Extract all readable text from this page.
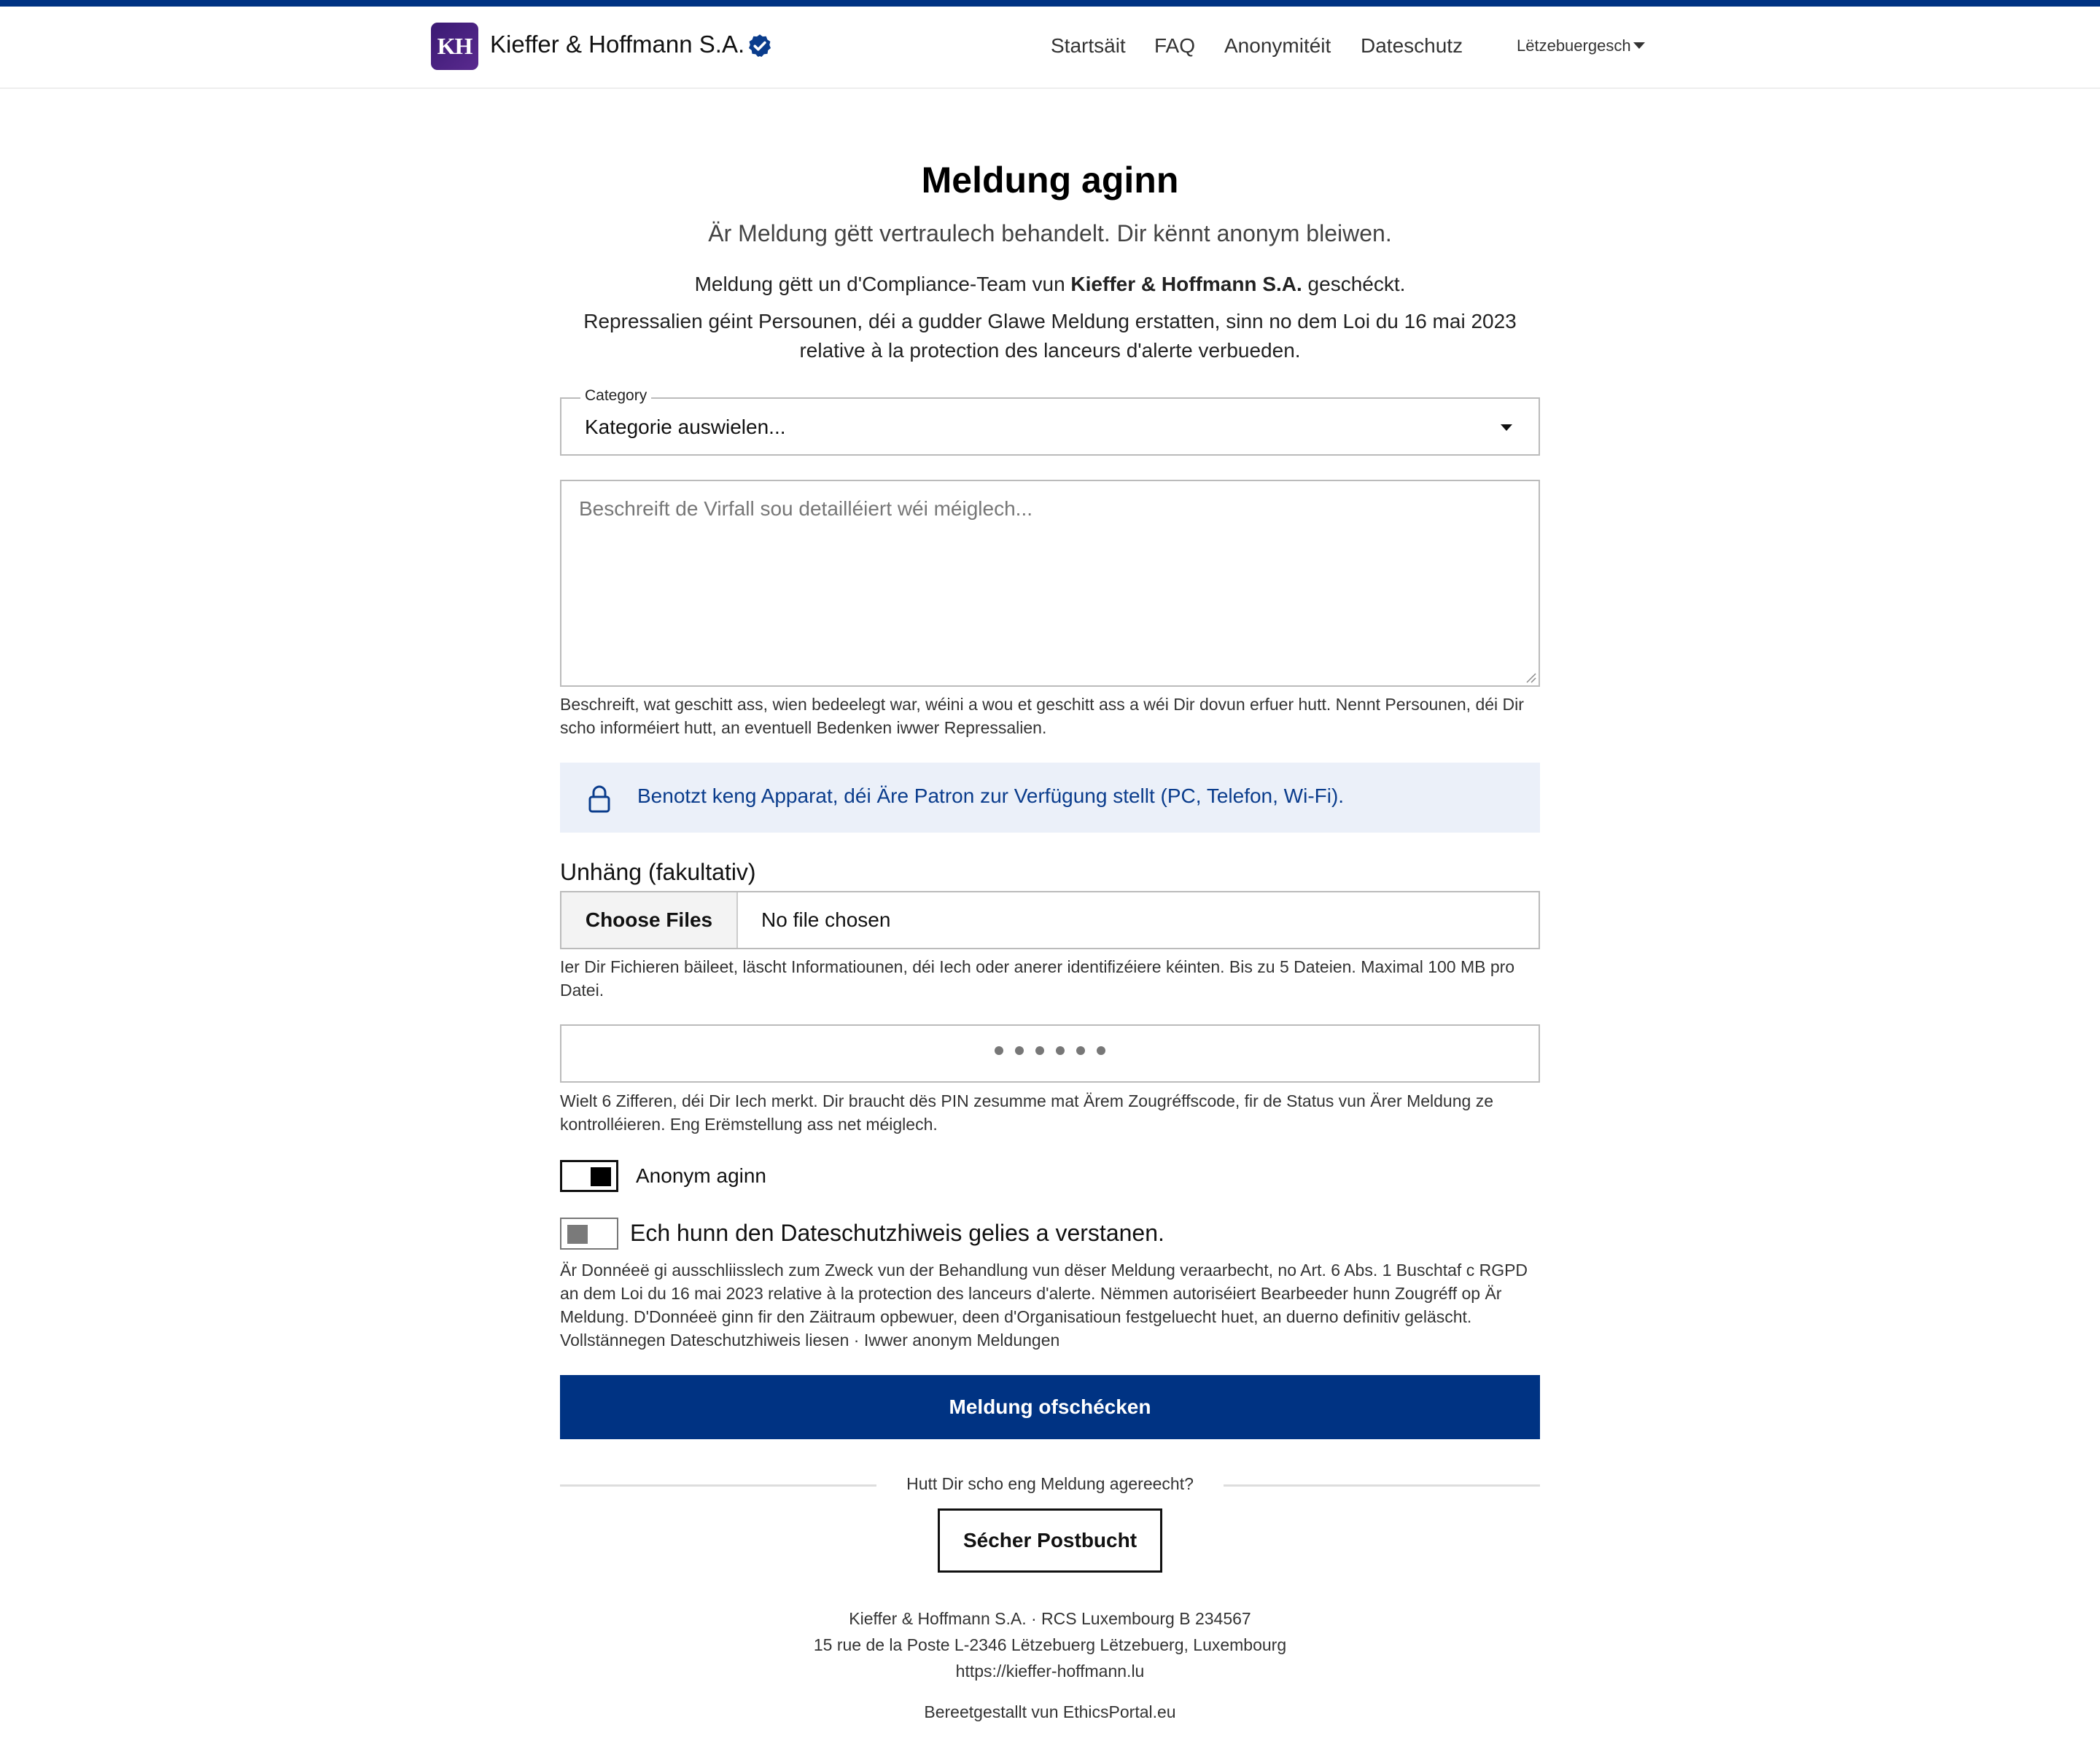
KH Kieffer & Hoffmann S.A.	Startsäit FAQ Anonymitéit Dateschutz	Lëtzebuergesch
Meldung aginn
Är Meldung gëtt vertraulech behandelt. Dir kënnt anonym bleiwen.
Meldung gëtt un d'Compliance-Team vun Kieffer & Hoffmann S.A. geschéckt.
Repressalien géint Persounen, déi a gudder Glawe Meldung erstatten, sinn no dem Loi du 16 mai 2023 relative à la protection des lanceurs d'alerte verbueden.
Category
Kategorie auswielen...
Beschreift de Virfall sou detailléiert wéi méiglech...
Beschreift, wat geschitt ass, wien bedeelegt war, wéini a wou et geschitt ass a wéi Dir dovun erfuer hutt. Nennt Persounen, déi Dir scho informéiert hutt, an eventuell Bedenken iwwer Repressalien.
Benotzt keng Apparat, déi Äre Patron zur Verfügung stellt (PC, Telefon, Wi-Fi).
Unhäng (fakultativ)
Choose Files	No file chosen
Ier Dir Fichieren bäileet, läscht Informatiounen, déi Iech oder anerer identifizéiere kéinten. Bis zu 5 Dateien. Maximal 100 MB pro Datei.
Wielt 6 Zifferen, déi Dir Iech merkt. Dir braucht dës PIN zesumme mat Ärem Zougréffscode, fir de Status vun Ärer Meldung ze kontrolléieren. Eng Erëmstellung ass net méiglech.
Anonym aginn
Ech hunn den Dateschutzhiweis gelies a verstanen.
Är Donnéeë gi ausschliisslech zum Zweck vun der Behandlung vun dëser Meldung veraarbecht, no Art. 6 Abs. 1 Buschtaf c RGPD an dem Loi du 16 mai 2023 relative à la protection des lanceurs d'alerte. Nëmmen autoriséiert Bearbeeder hunn Zougréff op Är Meldung. D'Donnéeë ginn fir den Zäitraum opbewuer, deen d'Organisatioun festgeluecht huet, an duerno definitiv geläscht. Vollstännegen Dateschutzhiweis liesen · Iwwer anonym Meldungen
Meldung ofschécken
Hutt Dir scho eng Meldung agereecht?
Sécher Postbucht
Kieffer & Hoffmann S.A. · RCS Luxembourg B 234567
15 rue de la Poste L-2346 Lëtzebuerg Lëtzebuerg, Luxembourg
https://kieffer-hoffmann.lu
Bereetgestallt vun EthicsPortal.eu
